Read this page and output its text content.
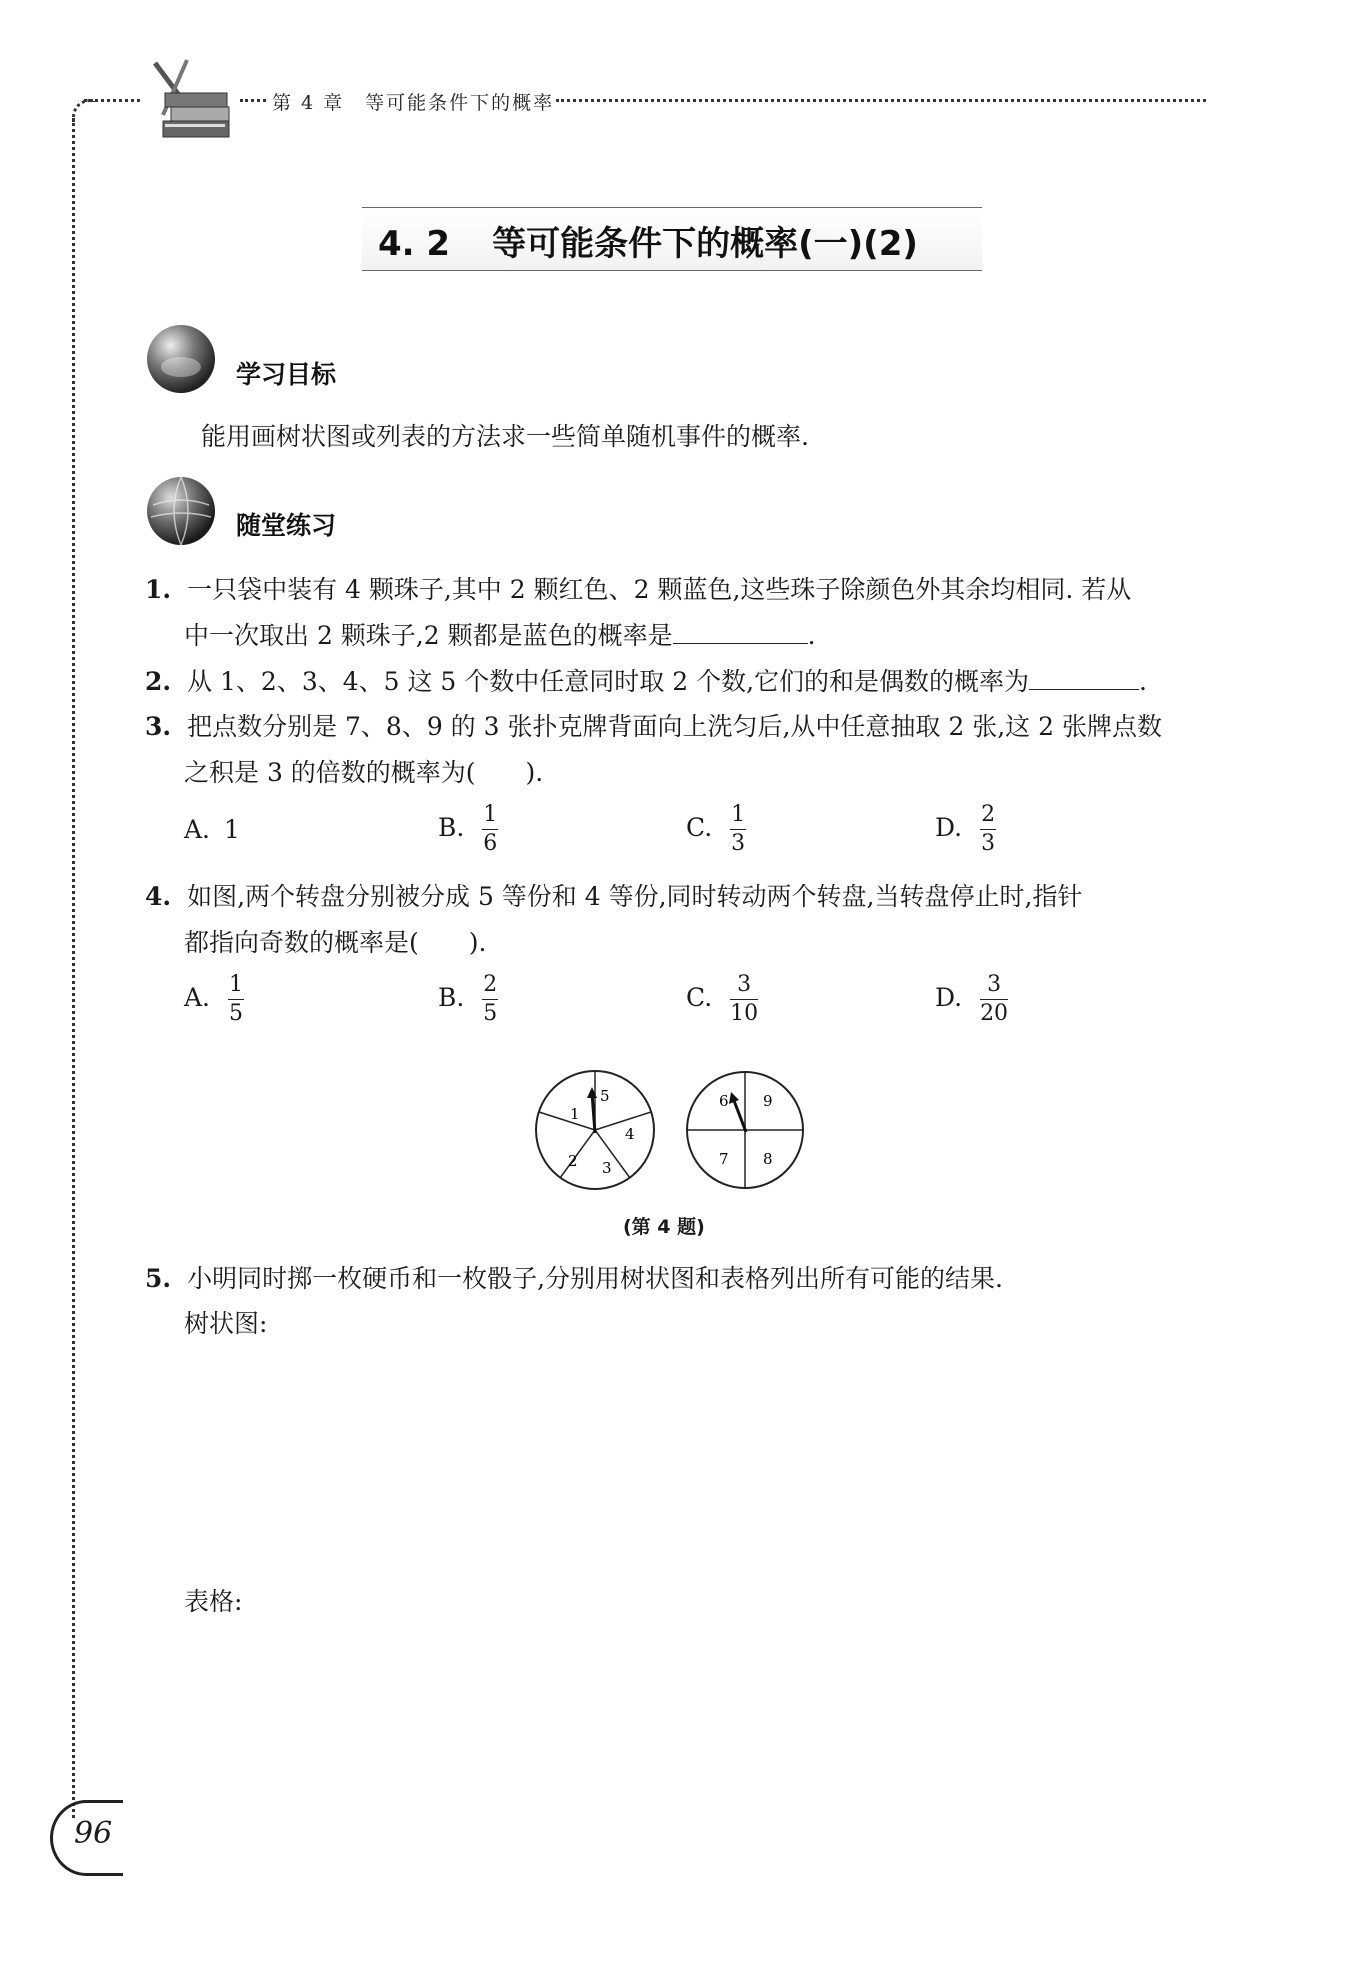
第 4 章　等可能条件下的概率
4. 2 等可能条件下的概率(一)(2)
学习目标
能用画树状图或列表的方法求一些简单随机事件的概率.
随堂练习
1. 一只袋中装有 4 颗珠子,其中 2 颗红色、2 颗蓝色,这些珠子除颜色外其余均相同. 若从
中一次取出 2 颗珠子,2 颗都是蓝色的概率是	.
2. 从 1、2、3、4、5 这 5 个数中任意同时取 2 个数,它们的和是偶数的概率为	.
3. 把点数分别是 7、8、9 的 3 张扑克牌背面向上洗匀后,从中任意抽取 2 张,这 2 张牌点数
之积是 3 的倍数的概率为(　　).
A. 1	B. $\frac{1}{6}$	C. $\frac{1}{3}$	D. $\frac{2}{3}$
4. 如图,两个转盘分别被分成 5 等份和 4 等份,同时转动两个转盘,当转盘停止时,指针
都指向奇数的概率是(　　).
A. $\frac{1}{5}$	B. $\frac{2}{5}$	C. $\frac{3}{10}$	D. $\frac{3}{20}$
1
5
4
3
2
6 9
7 8
(第 4 题)
5. 小明同时掷一枚硬币和一枚骰子,分别用树状图和表格列出所有可能的结果.
树状图:
表格:
96
